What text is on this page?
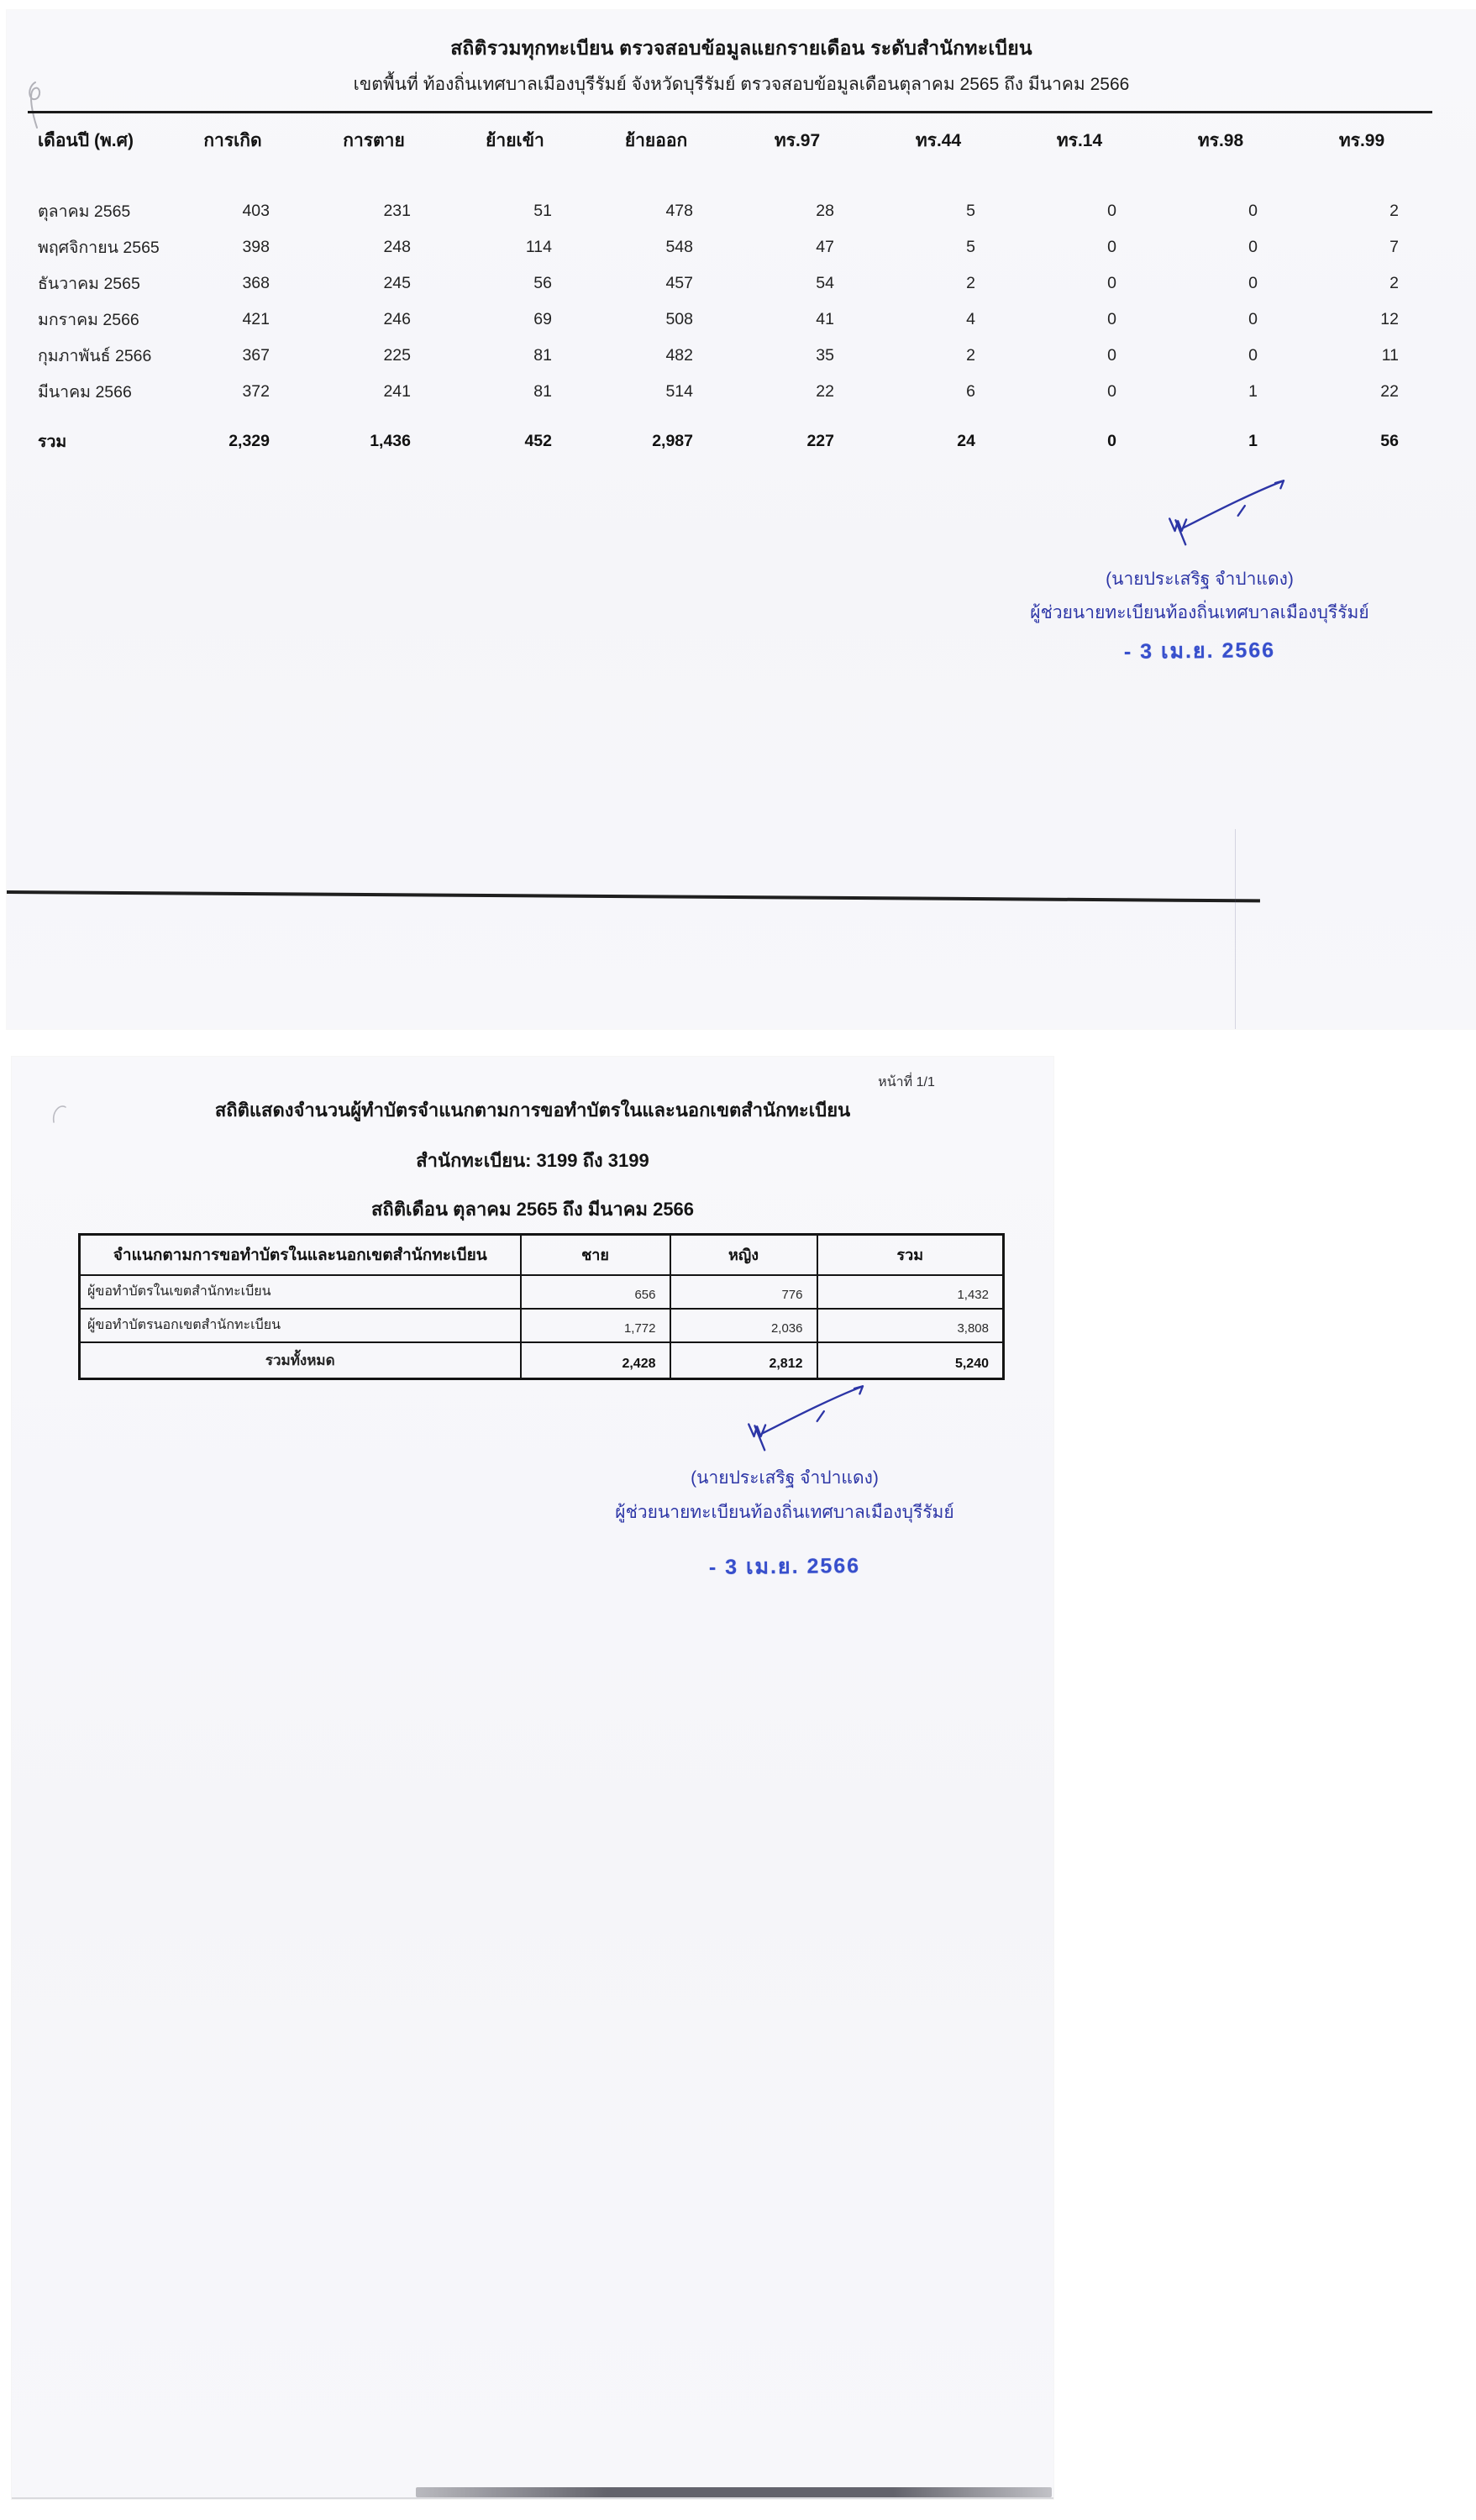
สถิติรวมทุกทะเบียน ตรวจสอบข้อมูลแยกรายเดือน ระดับสำนักทะเบียน
เขตพื้นที่ ท้องถิ่นเทศบาลเมืองบุรีรัมย์ จังหวัดบุรีรัมย์ ตรวจสอบข้อมูลเดือนตุลาคม 2565 ถึง มีนาคม 2566
เดือนปี (พ.ศ)	การเกิด	การตาย	ย้ายเข้า	ย้ายออก	ทร.97	ทร.44	ทร.14	ทร.98	ทร.99
ตุลาคม 2565	403	231	51	478	28	5	0	0	2
พฤศจิกายน 2565	398	248	114	548	47	5	0	0	7
ธันวาคม 2565	368	245	56	457	54	2	0	0	2
มกราคม 2566	421	246	69	508	41	4	0	0	12
กุมภาพันธ์ 2566	367	225	81	482	35	2	0	0	11
มีนาคม 2566	372	241	81	514	22	6	0	1	22
รวม	2,329	1,436	452	2,987	227	24	0	1	56
(นายประเสริฐ จำปาแดง)
ผู้ช่วยนายทะเบียนท้องถิ่นเทศบาลเมืองบุรีรัมย์
- 3 เม.ย. 2566
หน้าที่ 1/1
สถิติแสดงจำนวนผู้ทำบัตรจำแนกตามการขอทำบัตรในและนอกเขตสำนักทะเบียน
สำนักทะเบียน: 3199 ถึง 3199
สถิติเดือน ตุลาคม 2565 ถึง มีนาคม 2566
จำแนกตามการขอทำบัตรในและนอกเขตสำนักทะเบียน	ชาย	หญิง	รวม
ผู้ขอทำบัตรในเขตสำนักทะเบียน	656	776	1,432
ผู้ขอทำบัตรนอกเขตสำนักทะเบียน	1,772	2,036	3,808
รวมทั้งหมด	2,428	2,812	5,240
(นายประเสริฐ จำปาแดง)
ผู้ช่วยนายทะเบียนท้องถิ่นเทศบาลเมืองบุรีรัมย์
- 3 เม.ย. 2566
